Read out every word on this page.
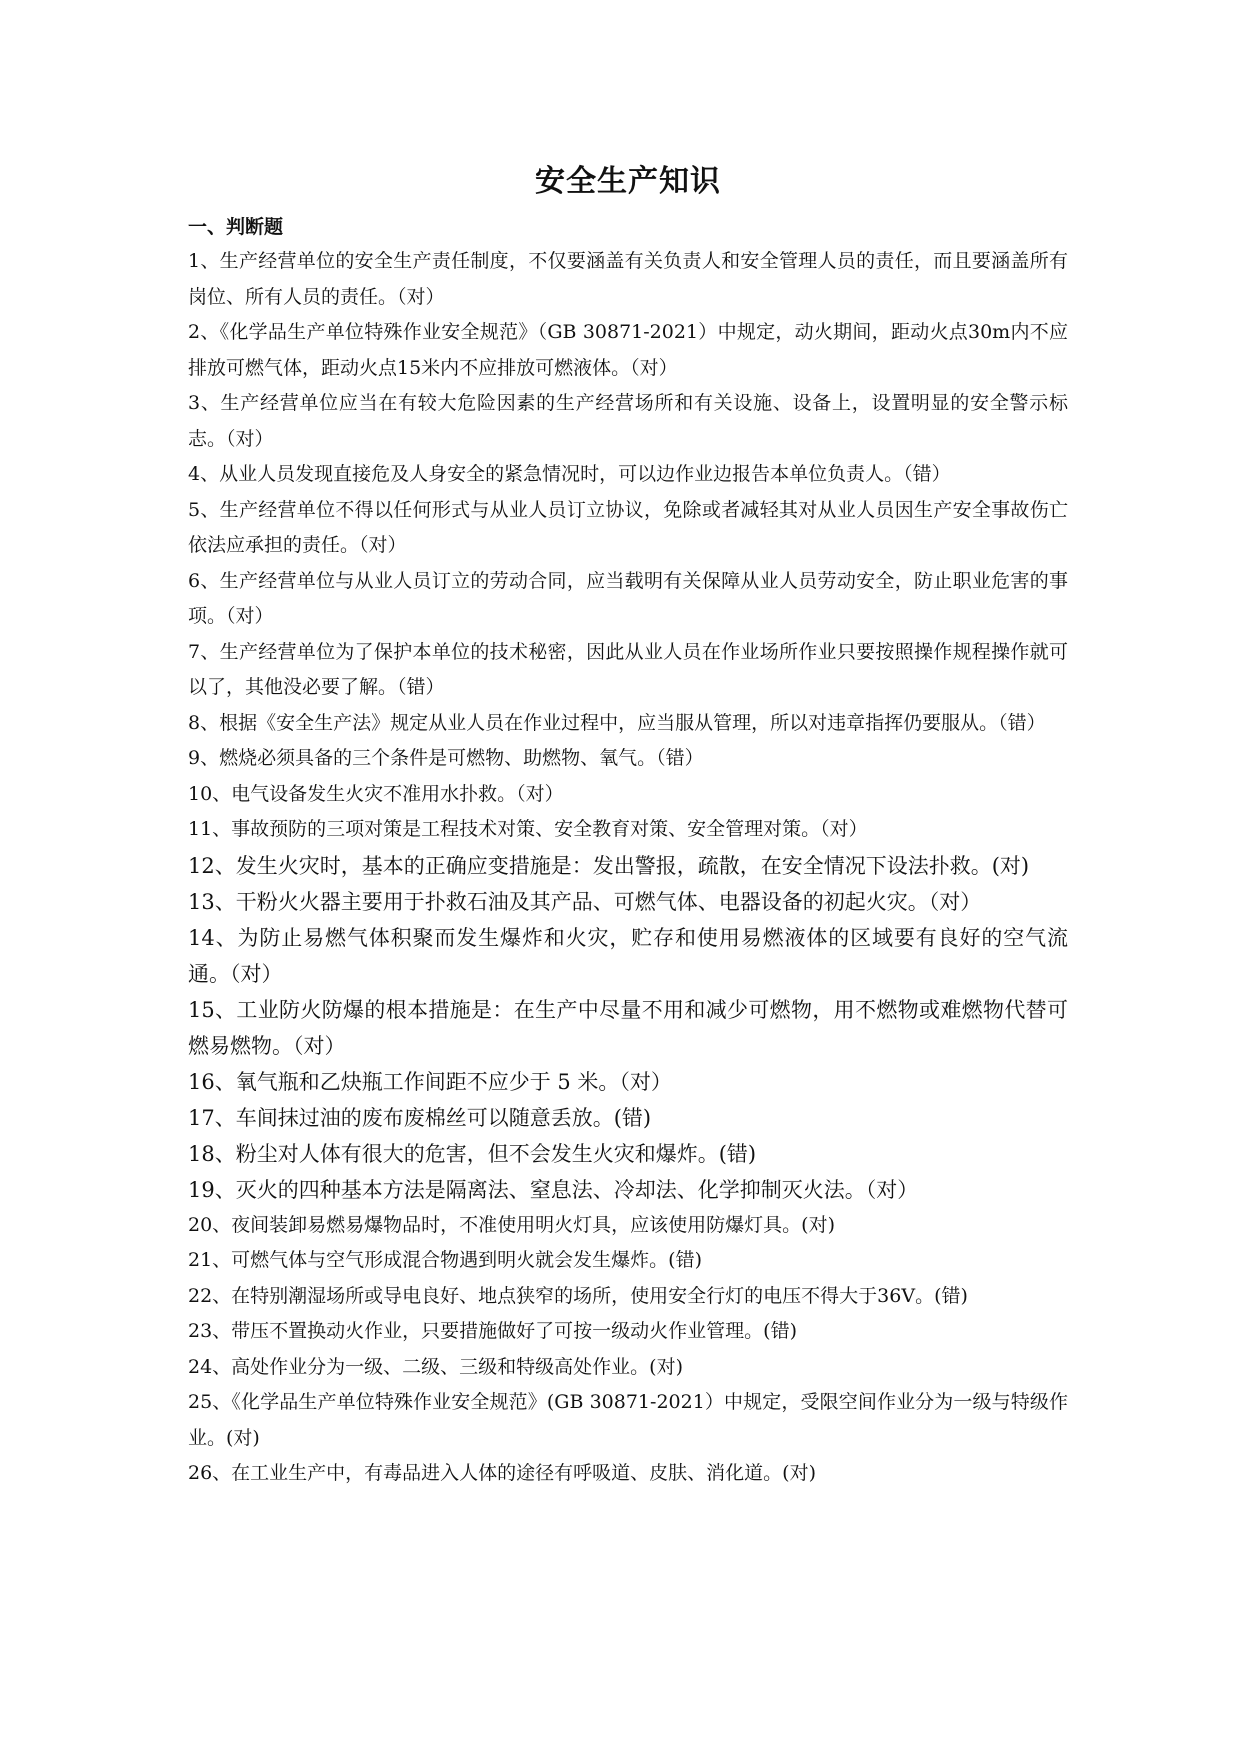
安全生产知识
一、判断题

1、生产经营单位的安全生产责任制度，不仅要涵盖有关负责人和安全管理人员的责任，而且要涵盖所有岗位、所有人员的责任。（对）

2、《化学品生产单位特殊作业安全规范》（GB 30871-2021）中规定，动火期间，距动火点30m内不应排放可燃气体，距动火点15米内不应排放可燃液体。（对）

3、生产经营单位应当在有较大危险因素的生产经营场所和有关设施、设备上，设置明显的安全警示标志。（对）

4、从业人员发现直接危及人身安全的紧急情况时，可以边作业边报告本单位负责人。（错）

5、生产经营单位不得以任何形式与从业人员订立协议，免除或者减轻其对从业人员因生产安全事故伤亡依法应承担的责任。（对）

6、生产经营单位与从业人员订立的劳动合同，应当载明有关保障从业人员劳动安全，防止职业危害的事项。（对）

7、生产经营单位为了保护本单位的技术秘密，因此从业人员在作业场所作业只要按照操作规程操作就可以了，其他没必要了解。（错）

8、根据《安全生产法》规定从业人员在作业过程中，应当服从管理，所以对违章指挥仍要服从。（错）

9、燃烧必须具备的三个条件是可燃物、助燃物、氧气。（错）

10、电气设备发生火灾不准用水扑救。（对）

11、事故预防的三项对策是工程技术对策、安全教育对策、安全管理对策。（对）

12、发生火灾时，基本的正确应变措施是：发出警报，疏散，在安全情况下设法扑救。(对)

13、干粉火火器主要用于扑救石油及其产品、可燃气体、电器设备的初起火灾。（对）

14、为防止易燃气体积聚而发生爆炸和火灾，贮存和使用易燃液体的区域要有良好的空气流通。（对）

15、工业防火防爆的根本措施是：在生产中尽量不用和减少可燃物，用不燃物或难燃物代替可燃易燃物。（对）

16、氧气瓶和乙炔瓶工作间距不应少于 5 米。（对）

17、车间抹过油的废布废棉丝可以随意丢放。(错)

18、粉尘对人体有很大的危害，但不会发生火灾和爆炸。(错)

19、灭火的四种基本方法是隔离法、窒息法、冷却法、化学抑制灭火法。（对）

20、夜间装卸易燃易爆物品时，不准使用明火灯具，应该使用防爆灯具。(对)

21、可燃气体与空气形成混合物遇到明火就会发生爆炸。(错)

22、在特别潮湿场所或导电良好、地点狭窄的场所，使用安全行灯的电压不得大于36V。(错)

23、带压不置换动火作业，只要措施做好了可按一级动火作业管理。(错)

24、高处作业分为一级、二级、三级和特级高处作业。(对)

25、《化学品生产单位特殊作业安全规范》(GB 30871-2021）中规定，受限空间作业分为一级与特级作业。(对)

26、在工业生产中，有毒品进入人体的途径有呼吸道、皮肤、消化道。(对)
